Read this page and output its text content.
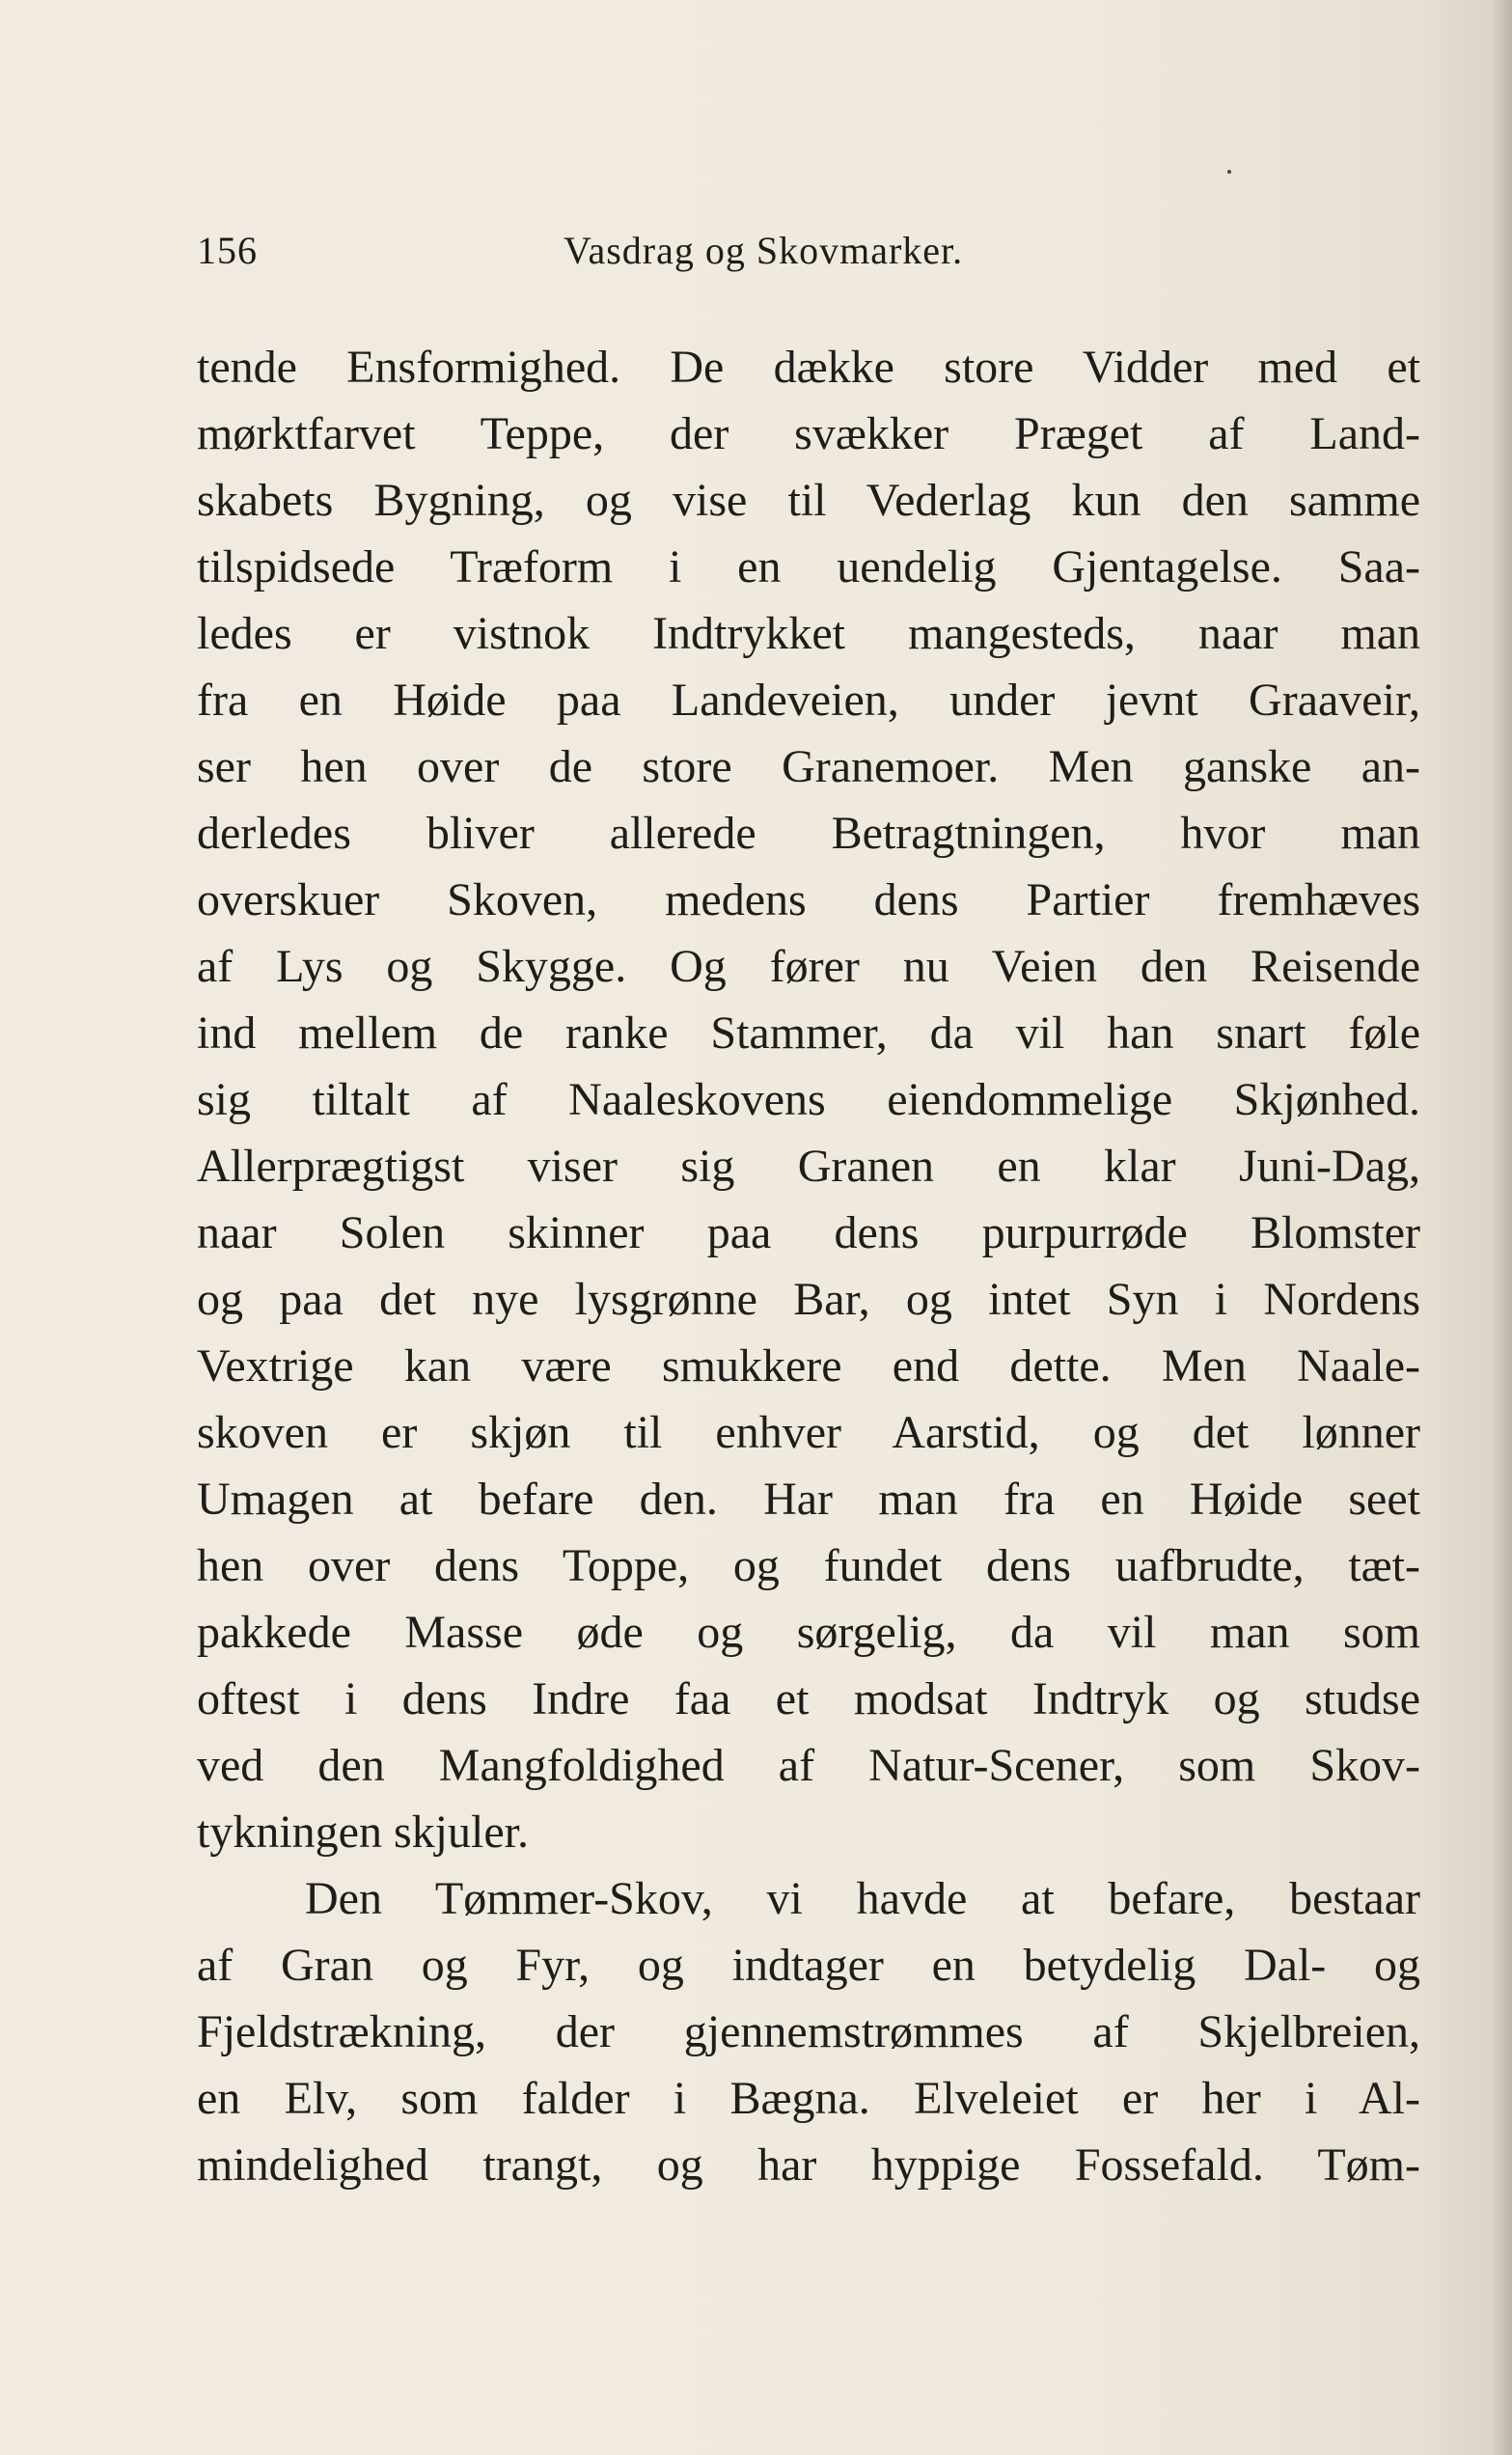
156	Vasdrag og Skovmarker.
tende Ensformighed. De dække store Vidder med et
mørktfarvet Teppe, der svækker Præget af Land-
skabets Bygning, og vise til Vederlag kun den samme
tilspidsede Træform i en uendelig Gjentagelse. Saa-
ledes er vistnok Indtrykket mangesteds, naar man
fra en Høide paa Landeveien, under jevnt Graaveir,
ser hen over de store Granemoer. Men ganske an-
derledes bliver allerede Betragtningen, hvor man
overskuer Skoven, medens dens Partier fremhæves
af Lys og Skygge. Og fører nu Veien den Reisende
ind mellem de ranke Stammer, da vil han snart føle
sig tiltalt af Naaleskovens eiendommelige Skjønhed.
Allerprægtigst viser sig Granen en klar Juni-Dag,
naar Solen skinner paa dens purpurrøde Blomster
og paa det nye lysgrønne Bar, og intet Syn i Nordens
Vextrige kan være smukkere end dette. Men Naale-
skoven er skjøn til enhver Aarstid, og det lønner
Umagen at befare den. Har man fra en Høide seet
hen over dens Toppe, og fundet dens uafbrudte, tæt-
pakkede Masse øde og sørgelig, da vil man som
oftest i dens Indre faa et modsat Indtryk og studse
ved den Mangfoldighed af Natur-Scener, som Skov-
tykningen skjuler.
Den Tømmer-Skov, vi havde at befare, bestaar
af Gran og Fyr, og indtager en betydelig Dal- og
Fjeldstrækning, der gjennemstrømmes af Skjelbreien,
en Elv, som falder i Bægna. Elveleiet er her i Al-
mindelighed trangt, og har hyppige Fossefald. Tøm-
